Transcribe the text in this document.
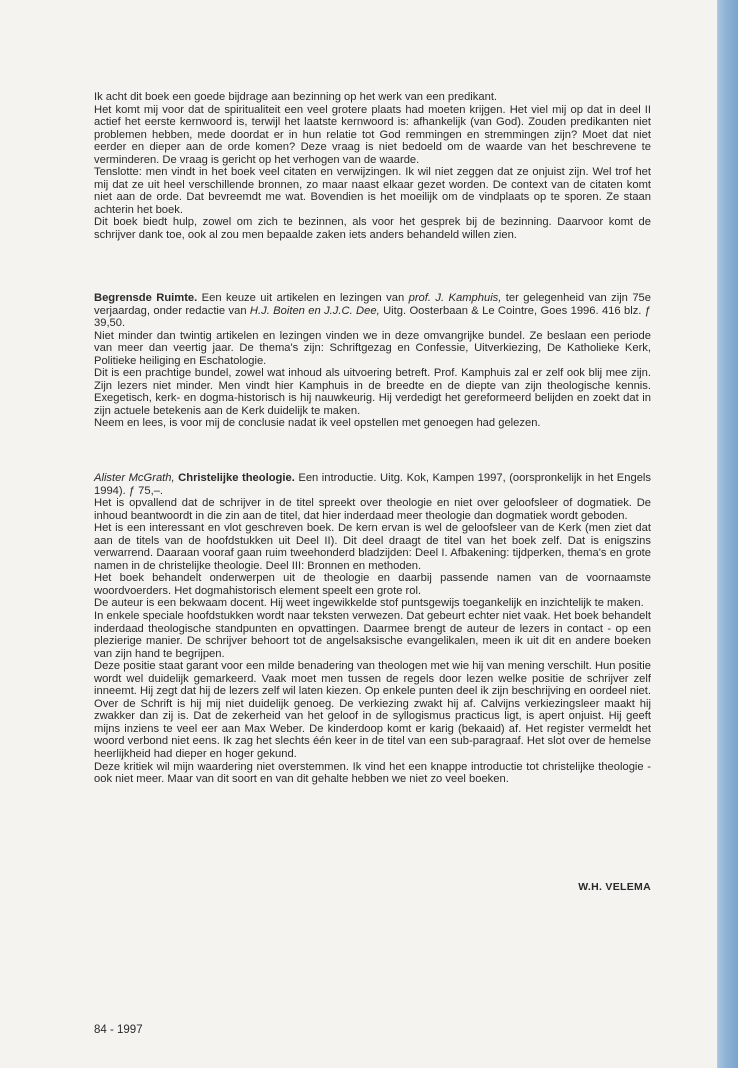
Ik acht dit boek een goede bijdrage aan bezinning op het werk van een predikant.

Het komt mij voor dat de spiritualiteit een veel grotere plaats had moeten krijgen. Het viel mij op dat in deel II actief het eerste kernwoord is, terwijl het laatste kernwoord is: afhankelijk (van God). Zouden predikanten niet problemen hebben, mede doordat er in hun relatie tot God remmingen en stremmingen zijn? Moet dat niet eerder en dieper aan de orde komen? Deze vraag is niet bedoeld om de waarde van het beschrevene te verminderen. De vraag is gericht op het verhogen van de waarde.

Tenslotte: men vindt in het boek veel citaten en verwijzingen. Ik wil niet zeggen dat ze onjuist zijn. Wel trof het mij dat ze uit heel verschillende bronnen, zo maar naast elkaar gezet worden. De context van de citaten komt niet aan de orde. Dat bevreemdt me wat. Bovendien is het moeilijk om de vindplaats op te sporen. Ze staan achterin het boek.

Dit boek biedt hulp, zowel om zich te bezinnen, als voor het gesprek bij de bezinning. Daarvoor komt de schrijver dank toe, ook al zou men bepaalde zaken iets anders behandeld willen zien.

Begrensde Ruimte. Een keuze uit artikelen en lezingen van prof. J. Kamphuis, ter gelegenheid van zijn 75e verjaardag, onder redactie van H.J. Boiten en J.J.C. Dee, Uitg. Oosterbaan & Le Cointre, Goes 1996. 416 blz. ƒ 39,50.

Niet minder dan twintig artikelen en lezingen vinden we in deze omvangrijke bundel. Ze beslaan een periode van meer dan veertig jaar. De thema's zijn: Schriftgezag en Confessie, Uitverkiezing, De Katholieke Kerk, Politieke heiliging en Eschatologie.

Dit is een prachtige bundel, zowel wat inhoud als uitvoering betreft. Prof. Kamphuis zal er zelf ook blij mee zijn. Zijn lezers niet minder. Men vindt hier Kamphuis in de breedte en de diepte van zijn theologische kennis. Exegetisch, kerk- en dogma-historisch is hij nauwkeurig. Hij verdedigt het gereformeerd belijden en zoekt dat in zijn actuele betekenis aan de Kerk duidelijk te maken.

Neem en lees, is voor mij de conclusie nadat ik veel opstellen met genoegen had gelezen.

Alister McGrath, Christelijke theologie. Een introductie. Uitg. Kok, Kampen 1997, (oorspronkelijk in het Engels 1994). ƒ 75,–.

Het is opvallend dat de schrijver in de titel spreekt over theologie en niet over geloofsleer of dogmatiek. De inhoud beantwoordt in die zin aan de titel, dat hier inderdaad meer theologie dan dogmatiek wordt geboden.

Het is een interessant en vlot geschreven boek. De kern ervan is wel de geloofsleer van de Kerk (men ziet dat aan de titels van de hoofdstukken uit Deel II). Dit deel draagt de titel van het boek zelf. Dat is enigszins verwarrend. Daaraan vooraf gaan ruim tweehonderd bladzijden: Deel I. Afbakening: tijdperken, thema's en grote namen in de christelijke theologie. Deel III: Bronnen en methoden.

Het boek behandelt onderwerpen uit de theologie en daarbij passende namen van de voornaamste woordvoerders. Het dogmahistorisch element speelt een grote rol.

De auteur is een bekwaam docent. Hij weet ingewikkelde stof puntsgewijs toegankelijk en inzichtelijk te maken.

In enkele speciale hoofdstukken wordt naar teksten verwezen. Dat gebeurt echter niet vaak. Het boek behandelt inderdaad theologische standpunten en opvattingen. Daarmee brengt de auteur de lezers in contact - op een plezierige manier. De schrijver behoort tot de angelsaksische evangelikalen, meen ik uit dit en andere boeken van zijn hand te begrijpen.

Deze positie staat garant voor een milde benadering van theologen met wie hij van mening verschilt. Hun positie wordt wel duidelijk gemarkeerd. Vaak moet men tussen de regels door lezen welke positie de schrijver zelf inneemt. Hij zegt dat hij de lezers zelf wil laten kiezen. Op enkele punten deel ik zijn beschrijving en oordeel niet. Over de Schrift is hij mij niet duidelijk genoeg. De verkiezing zwakt hij af. Calvijns verkiezingsleer maakt hij zwakker dan zij is. Dat de zekerheid van het geloof in de syllogismus practicus ligt, is apert onjuist. Hij geeft mijns inziens te veel eer aan Max Weber. De kinderdoop komt er karig (bekaaid) af. Het register vermeldt het woord verbond niet eens. Ik zag het slechts één keer in de titel van een sub-paragraaf. Het slot over de hemelse heerlijkheid had dieper en hoger gekund.

Deze kritiek wil mijn waardering niet overstemmen. Ik vind het een knappe introductie tot christelijke theologie - ook niet meer. Maar van dit soort en van dit gehalte hebben we niet zo veel boeken.

W.H. VELEMA
84 - 1997
